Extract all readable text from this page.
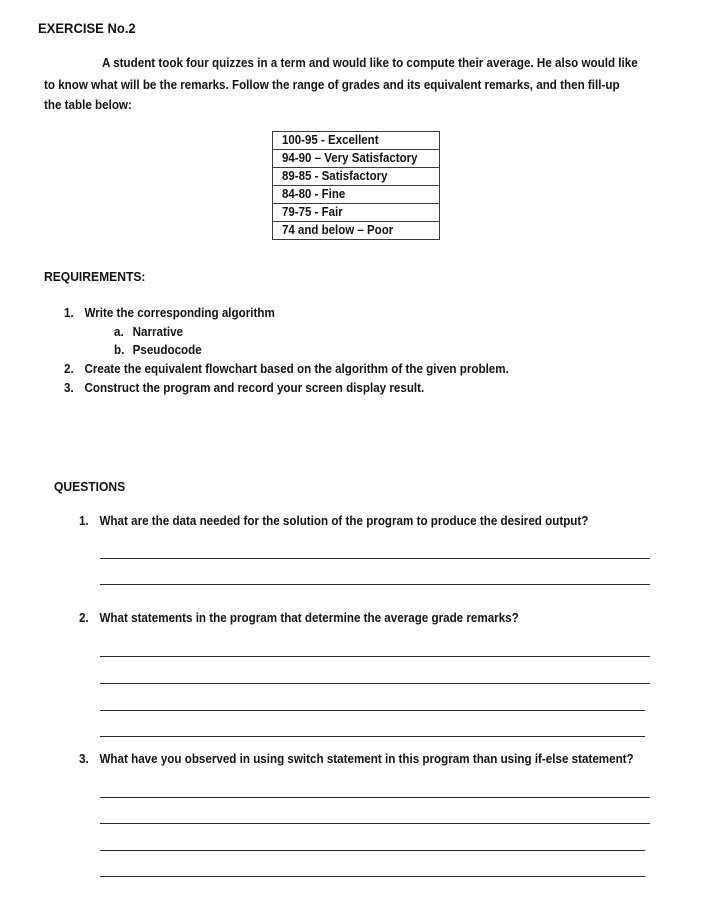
EXERCISE No.2
A student took four quizzes in a term and would like to compute their average. He also would like
to know what will be the remarks. Follow the range of grades and its equivalent remarks, and then fill-up
the table below:
100-95 - Excellent
94-90 – Very Satisfactory
89-85 - Satisfactory
84-80 - Fine
79-75 - Fair
74 and below – Poor
REQUIREMENTS:
1. Write the corresponding algorithm
a. Narrative
b. Pseudocode
2. Create the equivalent flowchart based on the algorithm of the given problem.
3. Construct the program and record your screen display result.
QUESTIONS
1. What are the data needed for the solution of the program to produce the desired output?
2. What statements in the program that determine the average grade remarks?
3. What have you observed in using switch statement in this program than using if-else statement?
